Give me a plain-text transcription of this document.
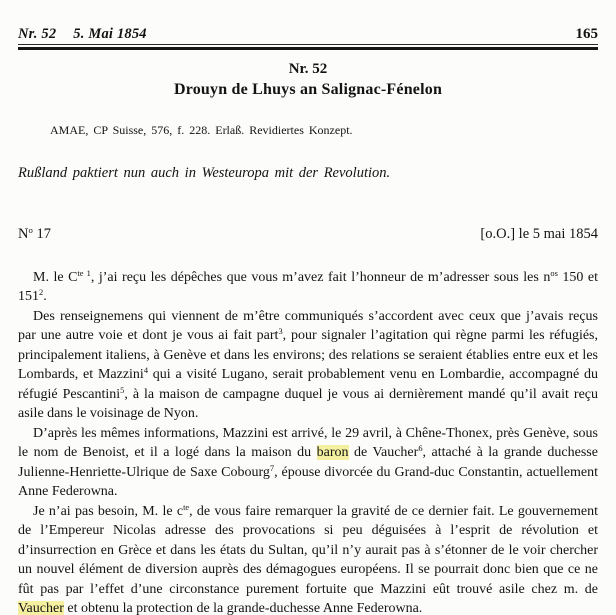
Nr. 52 5. Mai 1854	165
Nr. 52
Drouyn de Lhuys an Salignac-Fénelon
AMAE, CP Suisse, 576, f. 228. Erlaß. Revidiertes Konzept.
Rußland paktiert nun auch in Westeuropa mit der Revolution.
$N^o$ 17	[o.O.] le 5 mai 1854

M. le $C^{te 1}$, j’ai reçu les dépêches que vous m’avez fait l’honneur de m’adresser sous les $n^{os}$ 150 et $151^2$.

Des renseignemens qui viennent de m’être communiqués s’accordent avec ceux que j’avais reçus par une autre voie et dont je vous ai fait part$^3$, pour signaler l’agitation qui règne parmi les réfugiés, principalement italiens, à Genève et dans les environs; des relations se seraient établies entre eux et les Lombards, et Mazzini$^4$ qui a visité Lugano, serait probablement venu en Lombardie, accompagné du réfugié Pescantini$^5$, à la maison de campagne duquel je vous ai dernièrement mandé qu’il avait reçu asile dans le voisinage de Nyon.

D’après les mêmes informations, Mazzini est arrivé, le 29 avril, à Chêne-Thonex, près Genève, sous le nom de Benoist, et il a logé dans la maison du baron de Vaucher$^6$, attaché à la grande duchesse Julienne-Henriette-Ulrique de Saxe Cobourg$^7$, épouse divorcée du Grand-duc Constantin, actuellement Anne Federowna.

Je n’ai pas besoin, M. le $c^{te}$, de vous faire remarquer la gravité de ce dernier fait. Le gouvernement de l’Empereur Nicolas adresse des provocations si peu déguisées à l’esprit de révolution et d’insurrection en Grèce et dans les états du Sultan, qu’il n’y aurait pas à s’étonner de le voir chercher un nouvel élément de diversion auprès des démagogues européens. Il se pourrait donc bien que ce ne fût pas par l’effet d’une circonstance purement fortuite que Mazzini eût trouvé asile chez m. de Vaucher et obtenu la protection de la grande-duchesse Anne Federowna.
